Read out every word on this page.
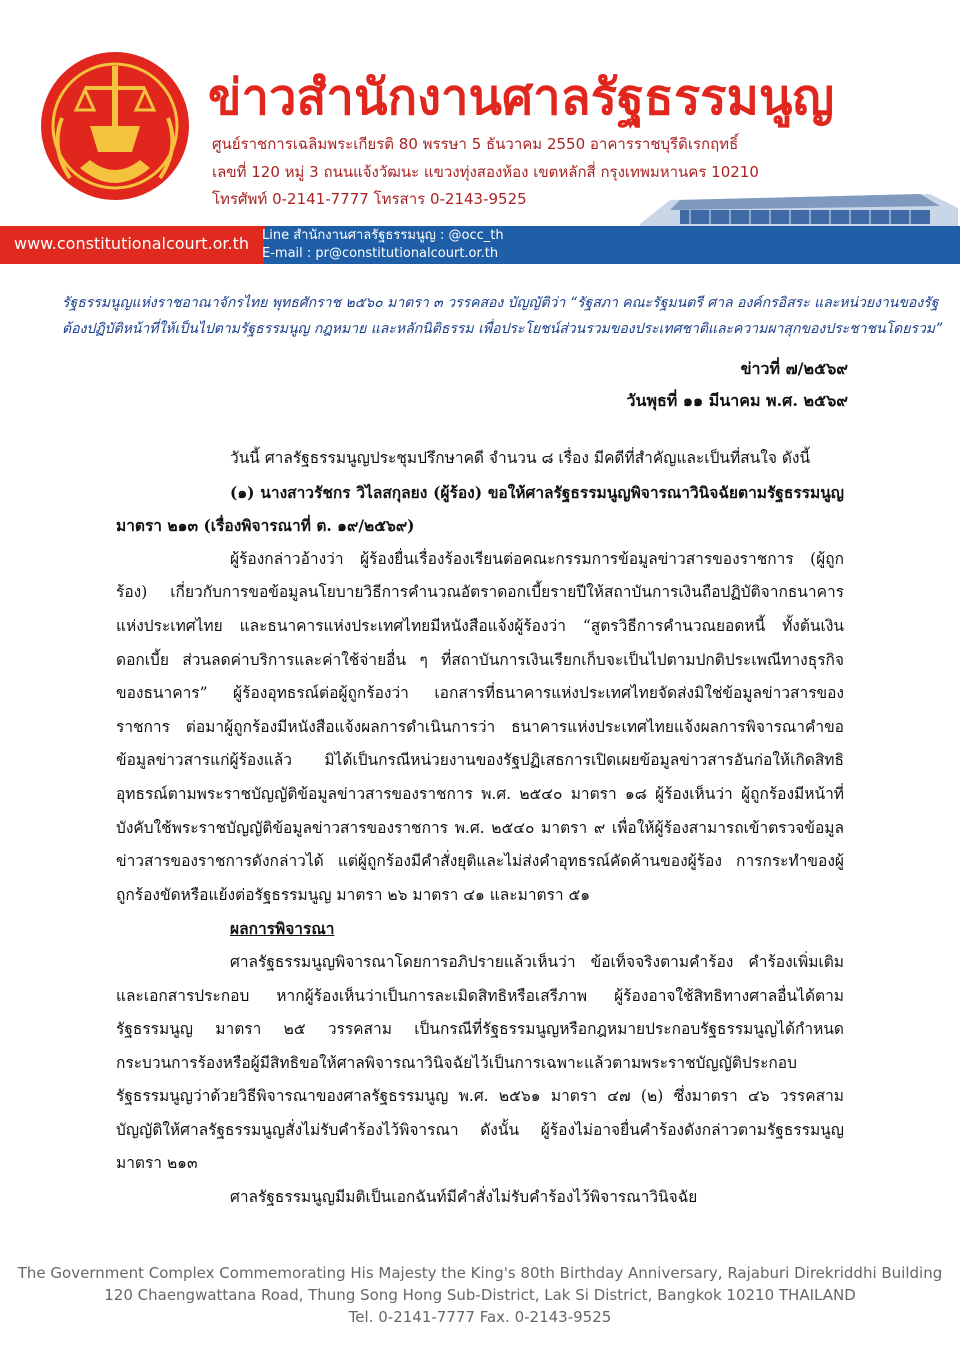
ข่าวสำนักงานศาลรัฐธรรมนูญ
ศูนย์ราชการเฉลิมพระเกียรติ 80 พรรษา 5 ธันวาคม 2550 อาคารราชบุรีดิเรกฤทธิ์
เลขที่ 120 หมู่ 3 ถนนแจ้งวัฒนะ แขวงทุ่งสองห้อง เขตหลักสี่ กรุงเทพมหานคร 10210
โทรศัพท์ 0-2141-7777 โทรสาร 0-2143-9525
www.constitutionalcourt.or.th Line สำนักงานศาลรัฐธรรมนูญ : @occ_th
E-mail : pr@constitutionalcourt.or.th
รัฐธรรมนูญแห่งราชอาณาจักรไทย พุทธศักราช ๒๕๖๐ มาตรา ๓ วรรคสอง บัญญัติว่า “รัฐสภา คณะรัฐมนตรี ศาล องค์กรอิสระ และหน่วยงานของรัฐ
ต้องปฏิบัติหน้าที่ให้เป็นไปตามรัฐธรรมนูญ กฎหมาย และหลักนิติธรรม เพื่อประโยชน์ส่วนรวมของประเทศชาติและความผาสุกของประชาชนโดยรวม”
ข่าวที่ ๗/๒๕๖๙
วันพุธที่ ๑๑ มีนาคม พ.ศ. ๒๕๖๙

วันนี้ ศาลรัฐธรรมนูญประชุมปรึกษาคดี จำนวน ๘ เรื่อง มีคดีที่สำคัญและเป็นที่สนใจ ดังนี้

(๑) นางสาวรัชกร วิไลสกุลยง (ผู้ร้อง) ขอให้ศาลรัฐธรรมนูญพิจารณาวินิจฉัยตามรัฐธรรมนูญ มาตรา ๒๑๓ (เรื่องพิจารณาที่ ต. ๑๙/๒๕๖๙)

ผู้ร้องกล่าวอ้างว่า ผู้ร้องยื่นเรื่องร้องเรียนต่อคณะกรรมการข้อมูลข่าวสารของราชการ (ผู้ถูกร้อง) เกี่ยวกับการขอข้อมูลนโยบายวิธีการคำนวณอัตราดอกเบี้ยรายปีให้สถาบันการเงินถือปฏิบัติจากธนาคารแห่งประเทศไทย และธนาคารแห่งประเทศไทยมีหนังสือแจ้งผู้ร้องว่า “สูตรวิธีการคำนวณยอดหนี้ ทั้งต้นเงิน ดอกเบี้ย ส่วนลดค่าบริการและค่าใช้จ่ายอื่น ๆ ที่สถาบันการเงินเรียกเก็บจะเป็นไปตามปกติประเพณีทางธุรกิจของธนาคาร” ผู้ร้องอุทธรณ์ต่อผู้ถูกร้องว่า เอกสารที่ธนาคารแห่งประเทศไทยจัดส่งมิใช่ข้อมูลข่าวสารของราชการ ต่อมาผู้ถูกร้องมีหนังสือแจ้งผลการดำเนินการว่า ธนาคารแห่งประเทศไทยแจ้งผลการพิจารณาคำขอข้อมูลข่าวสารแก่ผู้ร้องแล้ว มิได้เป็นกรณีหน่วยงานของรัฐปฏิเสธการเปิดเผยข้อมูลข่าวสารอันก่อให้เกิดสิทธิอุทธรณ์ตามพระราชบัญญัติข้อมูลข่าวสารของราชการ พ.ศ. ๒๕๔๐ มาตรา ๑๘ ผู้ร้องเห็นว่า ผู้ถูกร้องมีหน้าที่บังคับใช้พระราชบัญญัติข้อมูลข่าวสารของราชการ พ.ศ. ๒๕๔๐ มาตรา ๙ เพื่อให้ผู้ร้องสามารถเข้าตรวจข้อมูลข่าวสารของราชการดังกล่าวได้ แต่ผู้ถูกร้องมีคำสั่งยุติและไม่ส่งคำอุทธรณ์คัดค้านของผู้ร้อง การกระทำของผู้ถูกร้องขัดหรือแย้งต่อรัฐธรรมนูญ มาตรา ๒๖ มาตรา ๔๑ และมาตรา ๕๑

ผลการพิจารณา

ศาลรัฐธรรมนูญพิจารณาโดยการอภิปรายแล้วเห็นว่า ข้อเท็จจริงตามคำร้อง คำร้องเพิ่มเติมและเอกสารประกอบ หากผู้ร้องเห็นว่าเป็นการละเมิดสิทธิหรือเสรีภาพ ผู้ร้องอาจใช้สิทธิทางศาลอื่นได้ตามรัฐธรรมนูญ มาตรา ๒๕ วรรคสาม เป็นกรณีที่รัฐธรรมนูญหรือกฎหมายประกอบรัฐธรรมนูญได้กำหนดกระบวนการร้องหรือผู้มีสิทธิขอให้ศาลพิจารณาวินิจฉัยไว้เป็นการเฉพาะแล้วตามพระราชบัญญัติประกอบรัฐธรรมนูญว่าด้วยวิธีพิจารณาของศาลรัฐธรรมนูญ พ.ศ. ๒๕๖๑ มาตรา ๔๗ (๒) ซึ่งมาตรา ๔๖ วรรคสาม บัญญัติให้ศาลรัฐธรรมนูญสั่งไม่รับคำร้องไว้พิจารณา ดังนั้น ผู้ร้องไม่อาจยื่นคำร้องดังกล่าวตามรัฐธรรมนูญ มาตรา ๒๑๓

ศาลรัฐธรรมนูญมีมติเป็นเอกฉันท์มีคำสั่งไม่รับคำร้องไว้พิจารณาวินิจฉัย

The Government Complex Commemorating His Majesty the King's 80th Birthday Anniversary, Rajaburi Direkriddhi Building
120 Chaengwattana Road, Thung Song Hong Sub-District, Lak Si District, Bangkok 10210 THAILAND
Tel. 0-2141-7777 Fax. 0-2143-9525
